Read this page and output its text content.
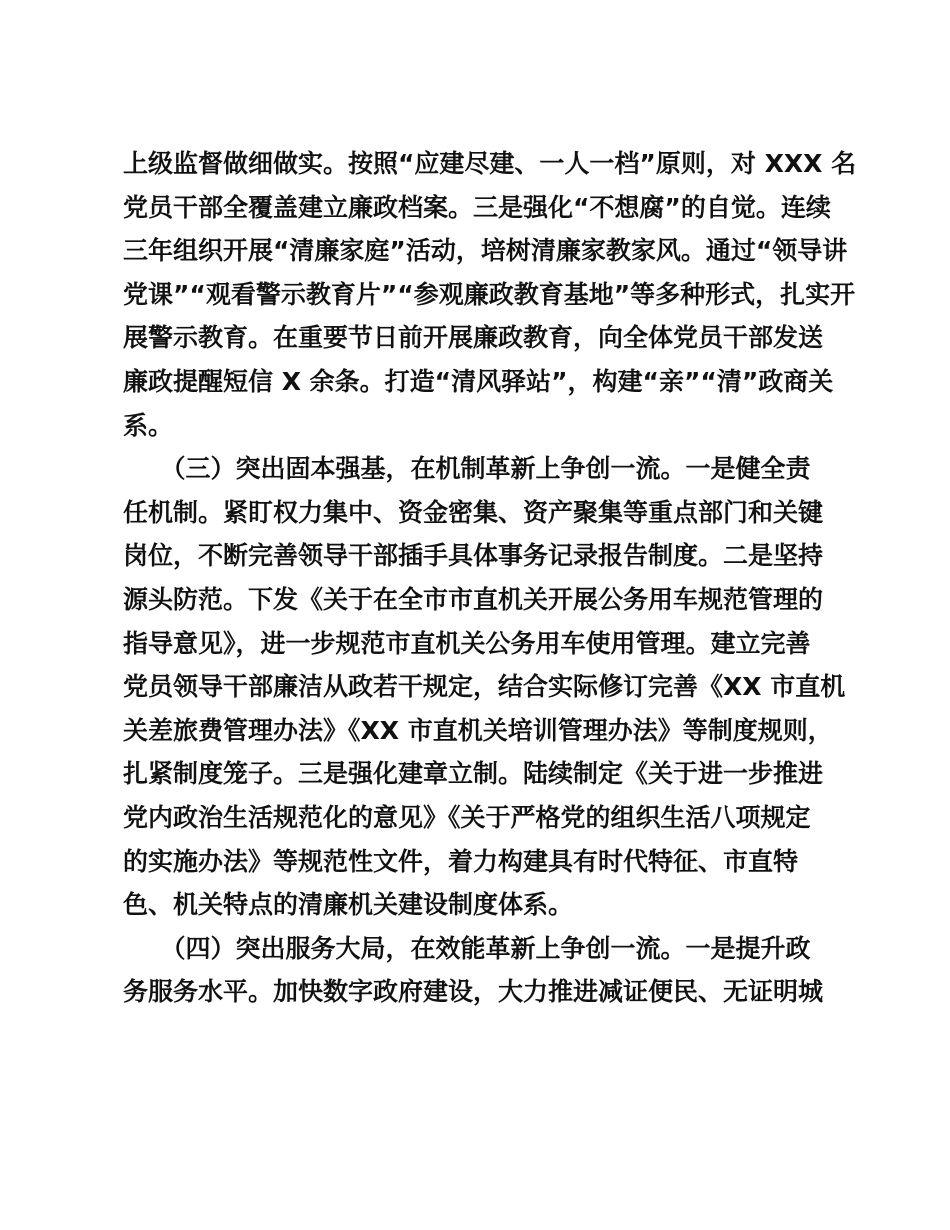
上级监督做细做实。按照“应建尽建、一人一档”原则，对 XXX 名
党员干部全覆盖建立廉政档案。三是强化“不想腐”的自觉。连续
三年组织开展“清廉家庭”活动，培树清廉家教家风。通过“领导讲
党课”“观看警示教育片”“参观廉政教育基地”等多种形式，扎实开
展警示教育。在重要节日前开展廉政教育，向全体党员干部发送
廉政提醒短信 X 余条。打造“清风驿站”，构建“亲”“清”政商关
系。
　　（三）突出固本强基，在机制革新上争创一流。一是健全责
任机制。紧盯权力集中、资金密集、资产聚集等重点部门和关键
岗位，不断完善领导干部插手具体事务记录报告制度。二是坚持
源头防范。下发《关于在全市市直机关开展公务用车规范管理的
指导意见》，进一步规范市直机关公务用车使用管理。建立完善
党员领导干部廉洁从政若干规定，结合实际修订完善《XX 市直机
关差旅费管理办法》《XX 市直机关培训管理办法》等制度规则，
扎紧制度笼子。三是强化建章立制。陆续制定《关于进一步推进
党内政治生活规范化的意见》《关于严格党的组织生活八项规定
的实施办法》等规范性文件，着力构建具有时代特征、市直特
色、机关特点的清廉机关建设制度体系。
　　（四）突出服务大局，在效能革新上争创一流。一是提升政
务服务水平。加快数字政府建设，大力推进减证便民、无证明城
